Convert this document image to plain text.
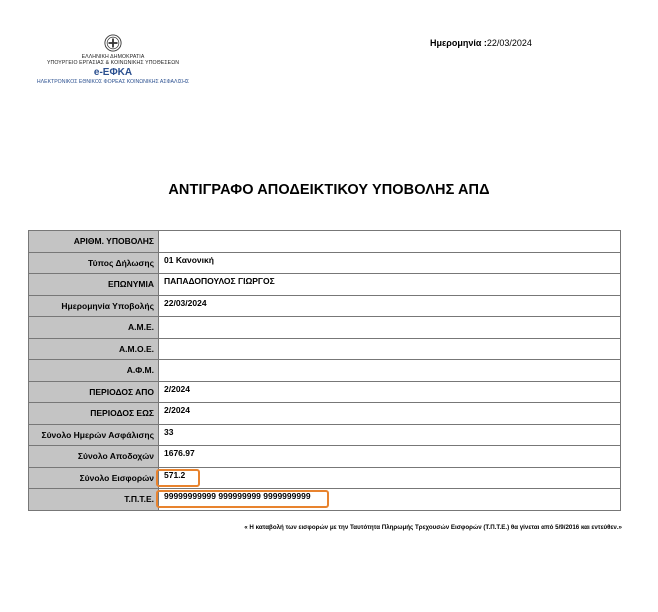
Ημερομηνία :22/03/2024
ΕΛΛΗΝΙΚΗ ΔΗΜΟΚΡΑΤΙΑ
ΥΠΟΥΡΓΕΙΟ ΕΡΓΑΣΙΑΣ & ΚΟΙΝΩΝΙΚΗΣ ΥΠΟΘΕΣΕΩΝ
e-ΕΦΚΑ
ΗΛΕΚΤΡΟΝΙΚΟΣ ΕΘΝΙΚΟΣ ΦΟΡΕΑΣ ΚΟΙΝΩΝΙΚΗΣ ΑΣΦΑΛΙΣΗΣ
ΑΝΤΙΓΡΑΦΟ ΑΠΟΔΕΙΚΤΙΚΟΥ ΥΠΟΒΟΛΗΣ ΑΠΔ
ΑΡΙΘΜ. ΥΠΟΒΟΛΗΣ	
Τύπος Δήλωσης	01 Κανονική
ΕΠΩΝΥΜΙΑ	ΠΑΠΑΔΟΠΟΥΛΟΣ ΓΙΩΡΓΟΣ
Ημερομηνία Υποβολής	22/03/2024
Α.Μ.Ε.	
Α.Μ.Ο.Ε.	
Α.Φ.Μ.	
ΠΕΡΙΟΔΟΣ ΑΠΟ	2/2024
ΠΕΡΙΟΔΟΣ ΕΩΣ	2/2024
Σύνολο Ημερών Ασφάλισης	33
Σύνολο Αποδοχών	1676.97
Σύνολο Εισφορών	571.2
Τ.Π.Τ.Ε.	99999999999 999999999 9999999999
« Η καταβολή των εισφορών με την Ταυτότητα Πληρωμής Τρεχουσών Εισφορών (Τ.Π.Τ.Ε.) θα γίνεται από 5/9/2016 και εντεύθεν.»
